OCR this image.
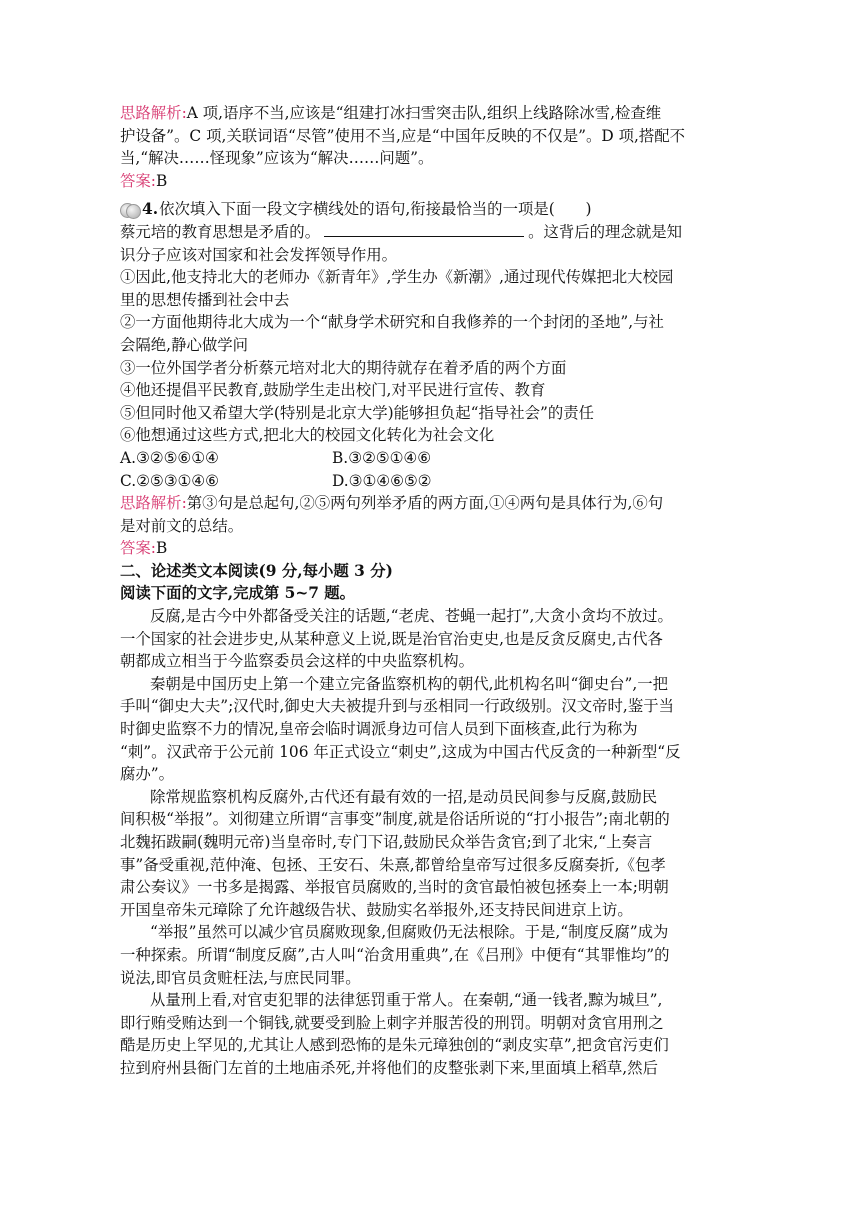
思路解析:A 项,语序不当,应该是“组建打冰扫雪突击队,组织上线路除冰雪,检查维
护设备”。C 项,关联词语“尽管”使用不当,应是“中国年反映的不仅是”。D 项,搭配不
当,“解决……怪现象”应该为“解决……问题”。
答案:B
4. 依次填入下面一段文字横线处的语句,衔接最恰当的一项是(　　)
蔡元培的教育思想是矛盾的。	。这背后的理念就是知
识分子应该对国家和社会发挥领导作用。
①因此,他支持北大的老师办《新青年》,学生办《新潮》,通过现代传媒把北大校园
里的思想传播到社会中去
②一方面他期待北大成为一个“献身学术研究和自我修养的一个封闭的圣地”,与社
会隔绝,静心做学问
③一位外国学者分析蔡元培对北大的期待就存在着矛盾的两个方面
④他还提倡平民教育,鼓励学生走出校门,对平民进行宣传、教育
⑤但同时他又希望大学(特别是北京大学)能够担负起“指导社会”的责任
⑥他想通过这些方式,把北大的校园文化转化为社会文化
A.③②⑤⑥①④	B.③②⑤①④⑥
C.②⑤③①④⑥	D.③①④⑥⑤②
思路解析:第③句是总起句,②⑤两句列举矛盾的两方面,①④两句是具体行为,⑥句
是对前文的总结。
答案:B
二、论述类文本阅读(9 分,每小题 3 分)
阅读下面的文字,完成第 5~7 题。
反腐,是古今中外都备受关注的话题,“老虎、苍蝇一起打”,大贪小贪均不放过。
一个国家的社会进步史,从某种意义上说,既是治官治吏史,也是反贪反腐史,古代各
朝都成立相当于今监察委员会这样的中央监察机构。
秦朝是中国历史上第一个建立完备监察机构的朝代,此机构名叫“御史台”,一把
手叫“御史大夫”;汉代时,御史大夫被提升到与丞相同一行政级别。汉文帝时,鉴于当
时御史监察不力的情况,皇帝会临时调派身边可信人员到下面核查,此行为称为
“刺”。汉武帝于公元前 106 年正式设立“刺史”,这成为中国古代反贪的一种新型“反
腐办”。
除常规监察机构反腐外,古代还有最有效的一招,是动员民间参与反腐,鼓励民
间积极“举报”。刘彻建立所谓“言事变”制度,就是俗话所说的“打小报告”;南北朝的
北魏拓跋嗣(魏明元帝)当皇帝时,专门下诏,鼓励民众举告贪官;到了北宋,“上奏言
事”备受重视,范仲淹、包拯、王安石、朱熹,都曾给皇帝写过很多反腐奏折,《包孝
肃公奏议》一书多是揭露、举报官员腐败的,当时的贪官最怕被包拯奏上一本;明朝
开国皇帝朱元璋除了允许越级告状、鼓励实名举报外,还支持民间进京上访。
“举报”虽然可以减少官员腐败现象,但腐败仍无法根除。于是,“制度反腐”成为
一种探索。所谓“制度反腐”,古人叫“治贪用重典”,在《吕刑》中便有“其罪惟均”的
说法,即官员贪赃枉法,与庶民同罪。
从量刑上看,对官吏犯罪的法律惩罚重于常人。在秦朝,“通一钱者,黥为城旦”,
即行贿受贿达到一个铜钱,就要受到脸上刺字并服苦役的刑罚。明朝对贪官用刑之
酷是历史上罕见的,尤其让人感到恐怖的是朱元璋独创的“剥皮实草”,把贪官污吏们
拉到府州县衙门左首的土地庙杀死,并将他们的皮整张剥下来,里面填上稻草,然后
